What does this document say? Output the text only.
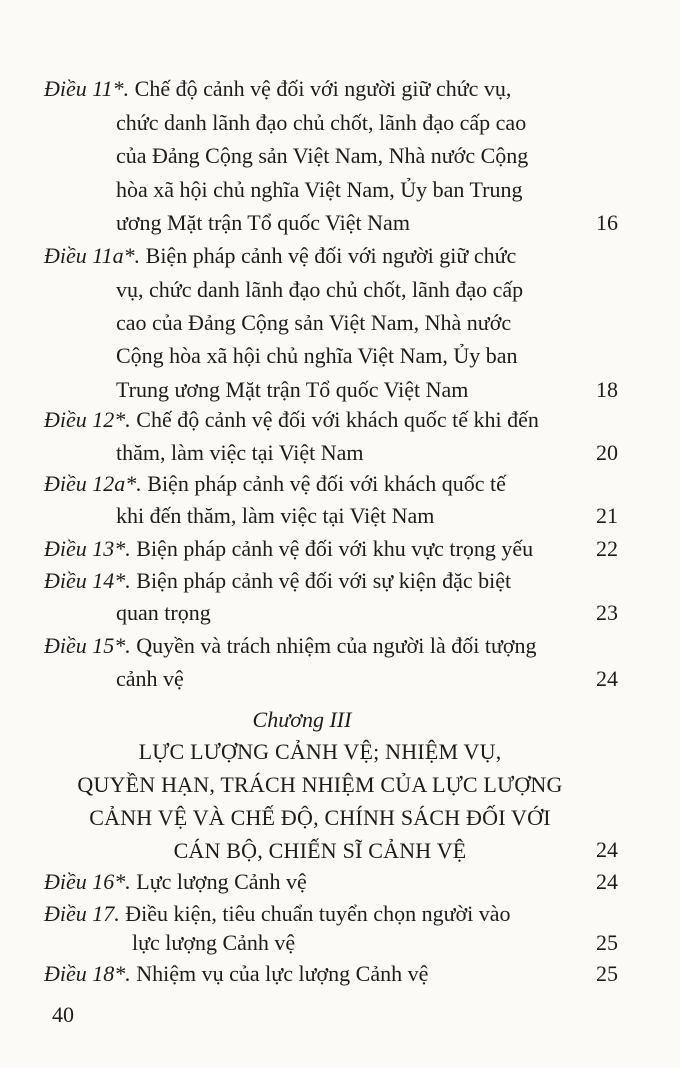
Điều 11*. Chế độ cảnh vệ đối với người giữ chức vụ,
chức danh lãnh đạo chủ chốt, lãnh đạo cấp cao
của Đảng Cộng sản Việt Nam, Nhà nước Cộng
hòa xã hội chủ nghĩa Việt Nam, Ủy ban Trung
ương Mặt trận Tổ quốc Việt Nam	16
Điều 11a*. Biện pháp cảnh vệ đối với người giữ chức
vụ, chức danh lãnh đạo chủ chốt, lãnh đạo cấp
cao của Đảng Cộng sản Việt Nam, Nhà nước
Cộng hòa xã hội chủ nghĩa Việt Nam, Ủy ban
Trung ương Mặt trận Tổ quốc Việt Nam	18
Điều 12*. Chế độ cảnh vệ đối với khách quốc tế khi đến
thăm, làm việc tại Việt Nam	20
Điều 12a*. Biện pháp cảnh vệ đối với khách quốc tế
khi đến thăm, làm việc tại Việt Nam	21
Điều 13*. Biện pháp cảnh vệ đối với khu vực trọng yếu	22
Điều 14*. Biện pháp cảnh vệ đối với sự kiện đặc biệt
quan trọng	23
Điều 15*. Quyền và trách nhiệm của người là đối tượng
cảnh vệ	24
Chương III
LỰC LƯỢNG CẢNH VỆ; NHIỆM VỤ,
QUYỀN HẠN, TRÁCH NHIỆM CỦA LỰC LƯỢNG
CẢNH VỆ VÀ CHẾ ĐỘ, CHÍNH SÁCH ĐỐI VỚI
CÁN BỘ, CHIẾN SĨ CẢNH VỆ	24
Điều 16*. Lực lượng Cảnh vệ	24
Điều 17. Điều kiện, tiêu chuẩn tuyển chọn người vào
lực lượng Cảnh vệ	25
Điều 18*. Nhiệm vụ của lực lượng Cảnh vệ	25
40
